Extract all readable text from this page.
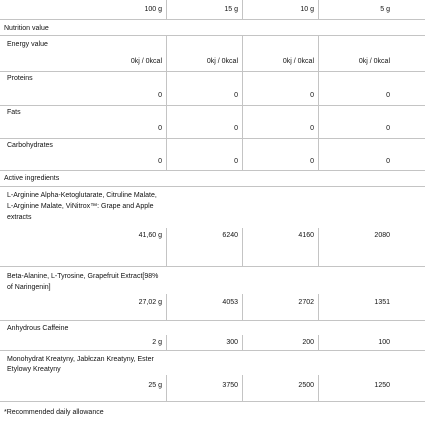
100 g	15 g	10 g	5 g
Nutrition value
Energy value
0kj / 0kcal	0kj / 0kcal	0kj / 0kcal	0kj / 0kcal
Proteins
0	0	0	0
Fats
0	0	0	0
Carbohydrates
0	0	0	0
Active ingredients
L-Arginine Alpha-Ketoglutarate, Citruline Malate,
L-Arginine Malate, ViNitrox™: Grape and Apple
extracts
41,60 g	6240	4160	2080
Beta-Alanine, L-Tyrosine, Grapefruit Extract[98%
of Naringenin]
27,02 g	4053	2702	1351
Anhydrous Caffeine
2 g	300	200	100
Monohydrat Kreatyny, Jabłczan Kreatyny, Ester
Etylowy Kreatyny
25 g	3750	2500	1250
*Recommended daily allowance
